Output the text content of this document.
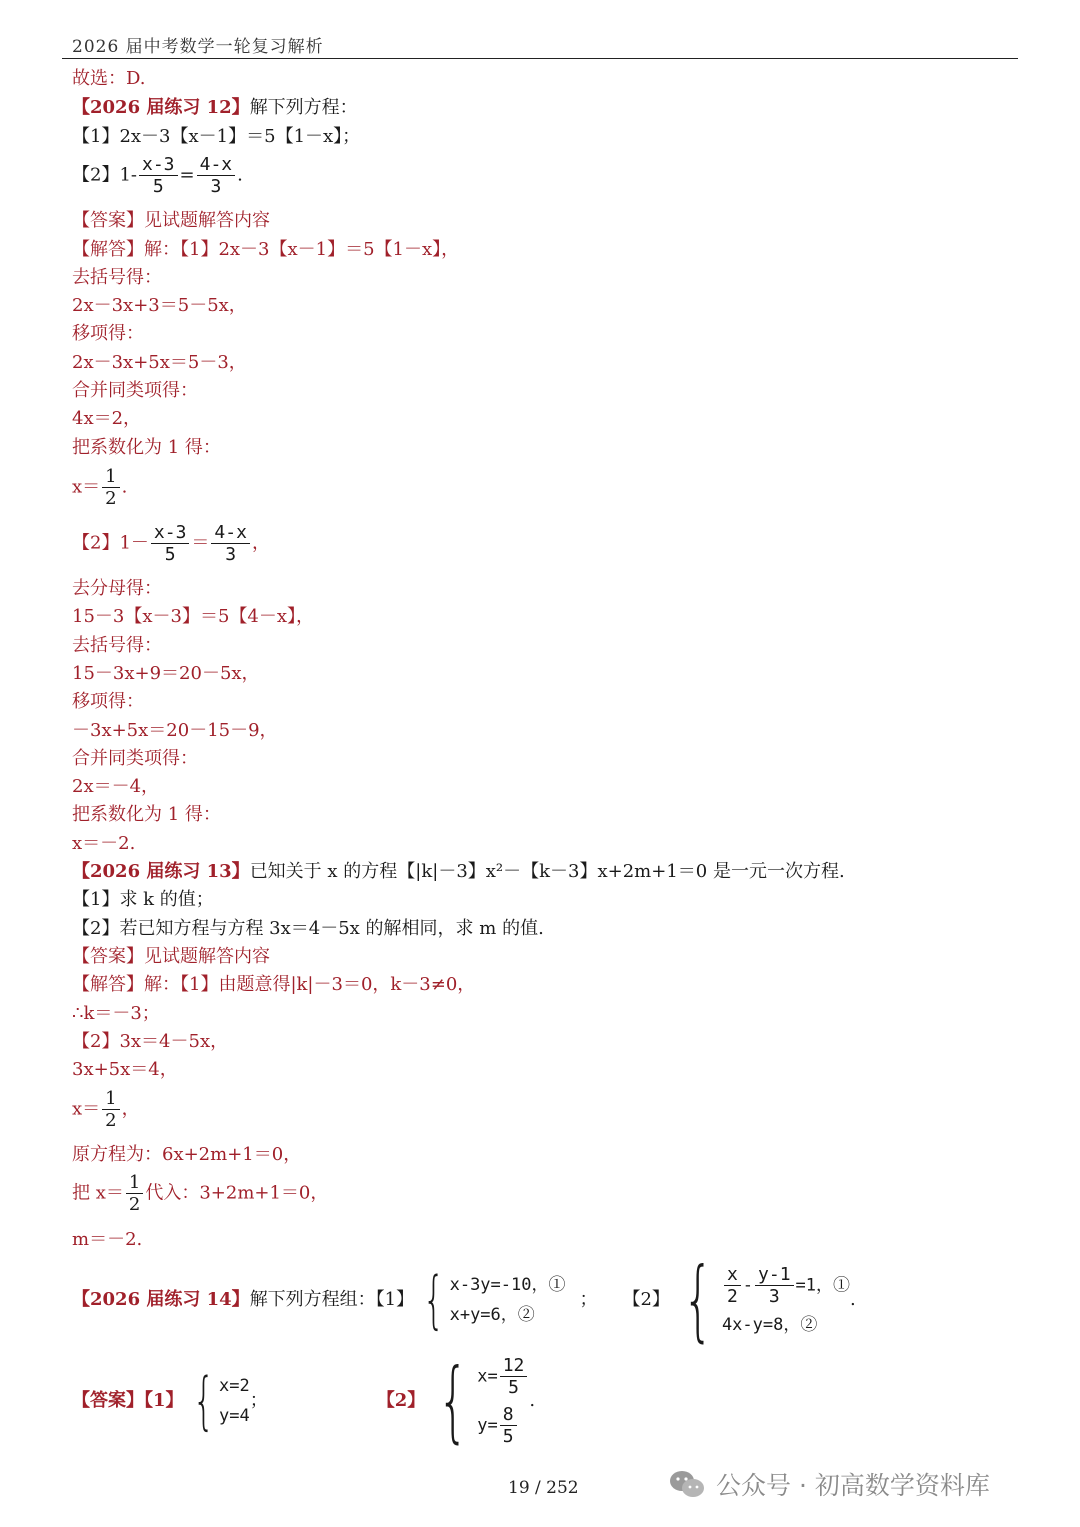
2026 届中考数学一轮复习解析
故选：D.
【2026 届练习 12】解下列方程：
【1】2x－3【x－1】＝5【1－x】；
【2】$1- \frac{x-3}{5} = \frac{4-x}{3}$ .
【答案】见试题解答内容
【解答】解：【1】2x－3【x－1】＝5【1－x】，
去括号得：
2x－3x+3＝5－5x，
移项得：
2x－3x+5x＝5－3，
合并同类项得：
4x＝2，
把系数化为 1 得：
$x= \frac{1}{2}$ .
【2】$1- \frac{x-3}{5} = \frac{4-x}{3}$ ，
去分母得：
15－3【x－3】＝5【4－x】，
去括号得：
15－3x+9＝20－5x，
移项得：
－3x+5x＝20－15－9，
合并同类项得：
2x＝－4，
把系数化为 1 得：
x＝－2.
【2026 届练习 13】已知关于 x 的方程【|k|－3】x²－【k－3】x+2m+1＝0 是一元一次方程.
【1】求 k 的值；
【2】若已知方程与方程 3x＝4－5x 的解相同，求 m 的值.
【答案】见试题解答内容
【解答】解：【1】由题意得|k|－3＝0，k－3≠0，
∴k＝－3；
【2】3x＝4－5x，
3x+5x＝4，
$x= \frac{1}{2}$ ，
原方程为：6x+2m+1＝0，
把 $x= \frac{1}{2}$ 代入：3+2m+1＝0，
m＝－2.
【2026 届练习 14】解下列方程组：【1】 { x-3y=-10，①
x+y=6，②
； 【2】 { $\frac{x}{2} - \frac{y-1}{3} =1$，①
4x-y=8，②
.
【答案】【1】 { x=2
y=4
；	【2】 { $x= \frac{12}{5}$
$y= \frac{8}{5}$
.
19 / 252	公众号 · 初高数学资料库
